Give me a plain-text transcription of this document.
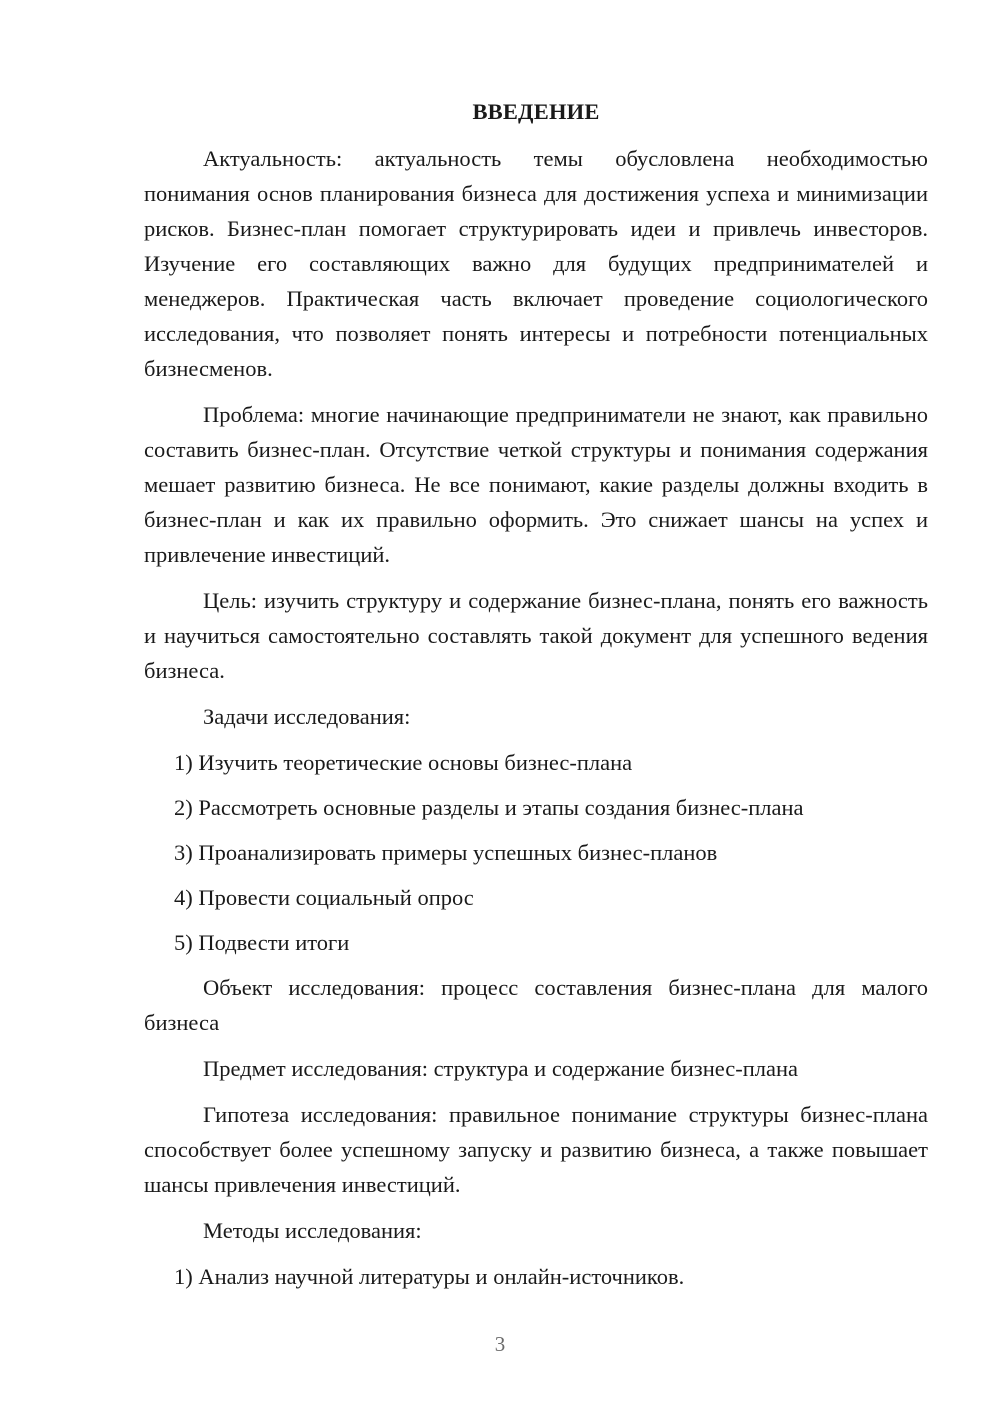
ВВЕДЕНИЕ

Актуальность: актуальность темы обусловлена необходимостью понимания основ планирования бизнеса для достижения успеха и минимизации рисков. Бизнес-план помогает структурировать идеи и привлечь инвесторов. Изучение его составляющих важно для будущих предпринимателей и менеджеров. Практическая часть включает проведение социологического исследования, что позволяет понять интересы и потребности потенциальных бизнесменов.

Проблема: многие начинающие предприниматели не знают, как правильно составить бизнес-план. Отсутствие четкой структуры и понимания содержания мешает развитию бизнеса. Не все понимают, какие разделы должны входить в бизнес-план и как их правильно оформить. Это снижает шансы на успех и привлечение инвестиций.

Цель: изучить структуру и содержание бизнес-плана, понять его важность и научиться самостоятельно составлять такой документ для успешного ведения бизнеса.

Задачи исследования:

1) Изучить теоретические основы бизнес-плана
2) Рассмотреть основные разделы и этапы создания бизнес-плана
3) Проанализировать примеры успешных бизнес-планов
4) Провести социальный опрос
5) Подвести итоги

Объект исследования: процесс составления бизнес-плана для малого бизнеса

Предмет исследования: структура и содержание бизнес-плана

Гипотеза исследования: правильное понимание структуры бизнес-плана способствует более успешному запуску и развитию бизнеса, а также повышает шансы привлечения инвестиций.

Методы исследования:

1) Анализ научной литературы и онлайн-источников.
3
